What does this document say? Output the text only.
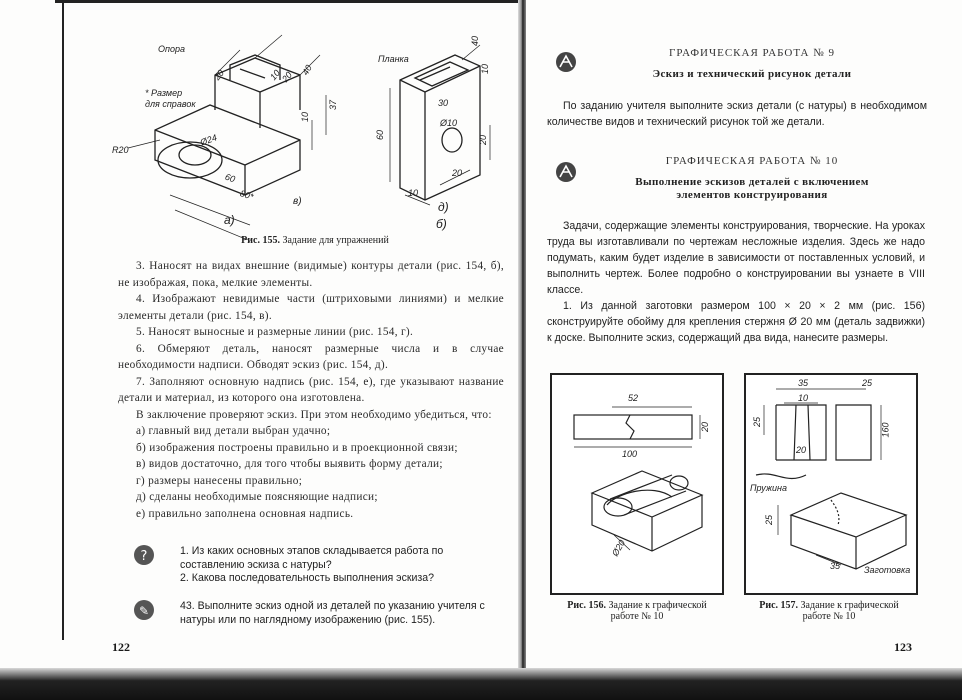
Опора
Планка
* Размер
для справок
20	20
10
40
37
10
Ø24
R20
60
80*
40
10
30
Ø10
60	20
20
10
а)
в)	д)
б)
Рис. 155. Задание для упражнений

3. Наносят на видах внешние (видимые) контуры детали (рис. 154, б), не изображая, пока, мелкие элементы.

4. Изображают невидимые части (штриховыми линиями) и мелкие элементы детали (рис. 154, в).

5. Наносят выносные и размерные линии (рис. 154, г).

6. Обмеряют деталь, наносят размерные числа и в случае необходимости надписи. Обводят эскиз (рис. 154, д).

7. Заполняют основную надпись (рис. 154, е), где указывают название детали и материал, из которого она изготовлена.

В заключение проверяют эскиз. При этом необходимо убедиться, что:

а) главный вид детали выбран удачно;

б) изображения построены правильно и в проекционной связи;

в) видов достаточно, для того чтобы выявить форму детали;

г) размеры нанесены правильно;

д) сделаны необходимые поясняющие надписи;

е) правильно заполнена основная надпись.

?	1. Из каких основных этапов складывается работа по составлению эскиза с натуры?
2. Какова последовательность выполнения эскиза?
✎	43. Выполните эскиз одной из деталей по указанию учителя с натуры или по наглядному изображению (рис. 155).
122
ГРАФИЧЕСКАЯ РАБОТА № 9
Эскиз и технический рисунок детали

По заданию учителя выполните эскиз детали (с натуры) в необходимом количестве видов и технический рисунок той же детали.

ГРАФИЧЕСКАЯ РАБОТА № 10
Выполнение эскизов деталей с включением
элементов конструирования

Задачи, содержащие элементы конструирования, творческие. На уроках труда вы изготавливали по чертежам несложные изделия. Здесь же надо подумать, каким будет изделие в зависимости от поставленных условий, и выполнить чертеж. Более подробно о конструировании вы узнаете в VIII классе.

1. Из данной заготовки размером 100 × 20 × 2 мм (рис. 156) сконструируйте обойму для крепления стержня Ø 20 мм (деталь задвижки) к доске. Выполните эскиз, содержащий два вида, нанесите размеры.

52
100
20
Ø20
Рис. 156. Задание к графической
работе № 10
35	25
10
25
20
160
25
35
Пружина
Заготовка
Рис. 157. Задание к графической
работе № 10
123
